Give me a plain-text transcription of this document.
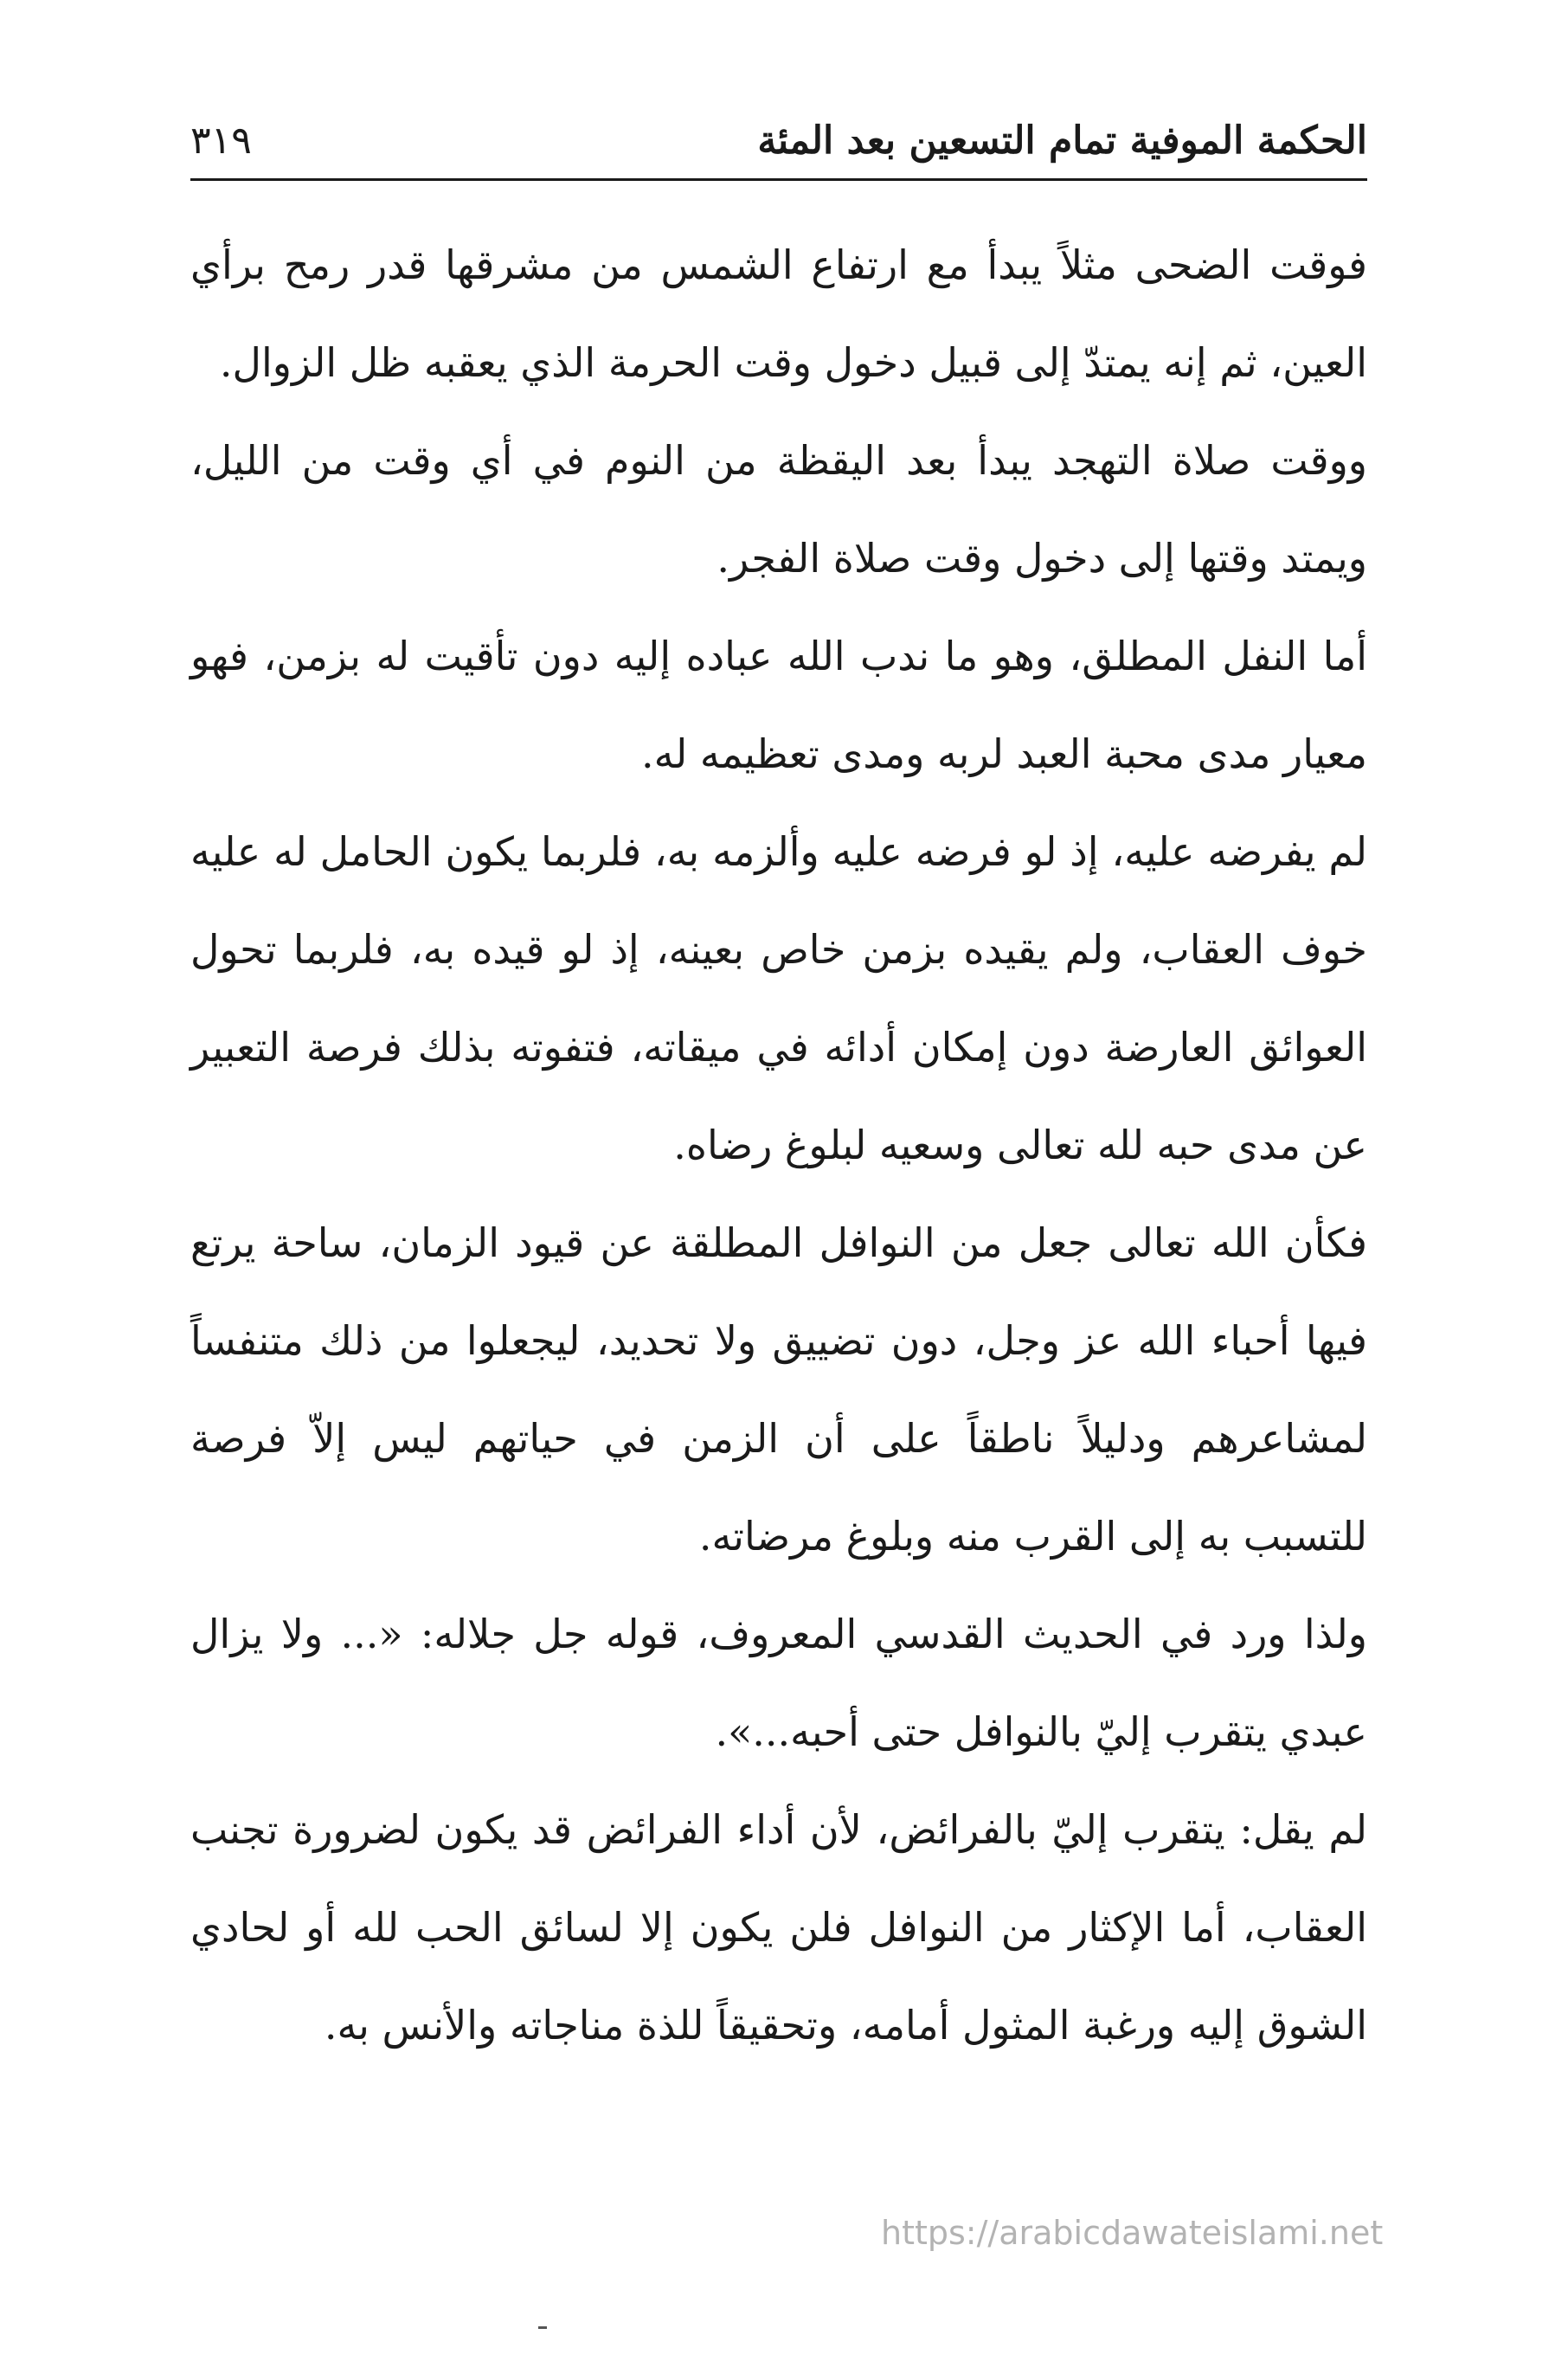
الحكمة الموفية تمام التسعين بعد المئة
٣١٩

فوقت الضحى مثلاً يبدأ مع ارتفاع الشمس من مشرقها قدر رمح برأي العين، ثم إنه يمتدّ إلى قبيل دخول وقت الحرمة الذي يعقبه ظل الزوال.

ووقت صلاة التهجد يبدأ بعد اليقظة من النوم في أي وقت من الليل، ويمتد وقتها إلى دخول وقت صلاة الفجر.

أما النفل المطلق، وهو ما ندب الله عباده إليه دون تأقيت له بزمن، فهو معيار مدى محبة العبد لربه ومدى تعظيمه له.

لم يفرضه عليه، إذ لو فرضه عليه وألزمه به، فلربما يكون الحامل له عليه خوف العقاب، ولم يقيده بزمن خاص بعينه، إذ لو قيده به، فلربما تحول العوائق العارضة دون إمكان أدائه في ميقاته، فتفوته بذلك فرصة التعبير عن مدى حبه لله تعالى وسعيه لبلوغ رضاه.

فكأن الله تعالى جعل من النوافل المطلقة عن قيود الزمان، ساحة يرتع فيها أحباء الله عز وجل، دون تضييق ولا تحديد، ليجعلوا من ذلك متنفساً لمشاعرهم ودليلاً ناطقاً على أن الزمن في حياتهم ليس إلاّ فرصة للتسبب به إلى القرب منه وبلوغ مرضاته.

ولذا ورد في الحديث القدسي المعروف، قوله جل جلاله: «... ولا يزال عبدي يتقرب إليّ بالنوافل حتى أحبه...».

لم يقل: يتقرب إليّ بالفرائض، لأن أداء الفرائض قد يكون لضرورة تجنب العقاب، أما الإكثار من النوافل فلن يكون إلا لسائق الحب لله أو لحادي الشوق إليه ورغبة المثول أمامه، وتحقيقاً للذة مناجاته والأنس به.

https://arabicdawateislami.net
